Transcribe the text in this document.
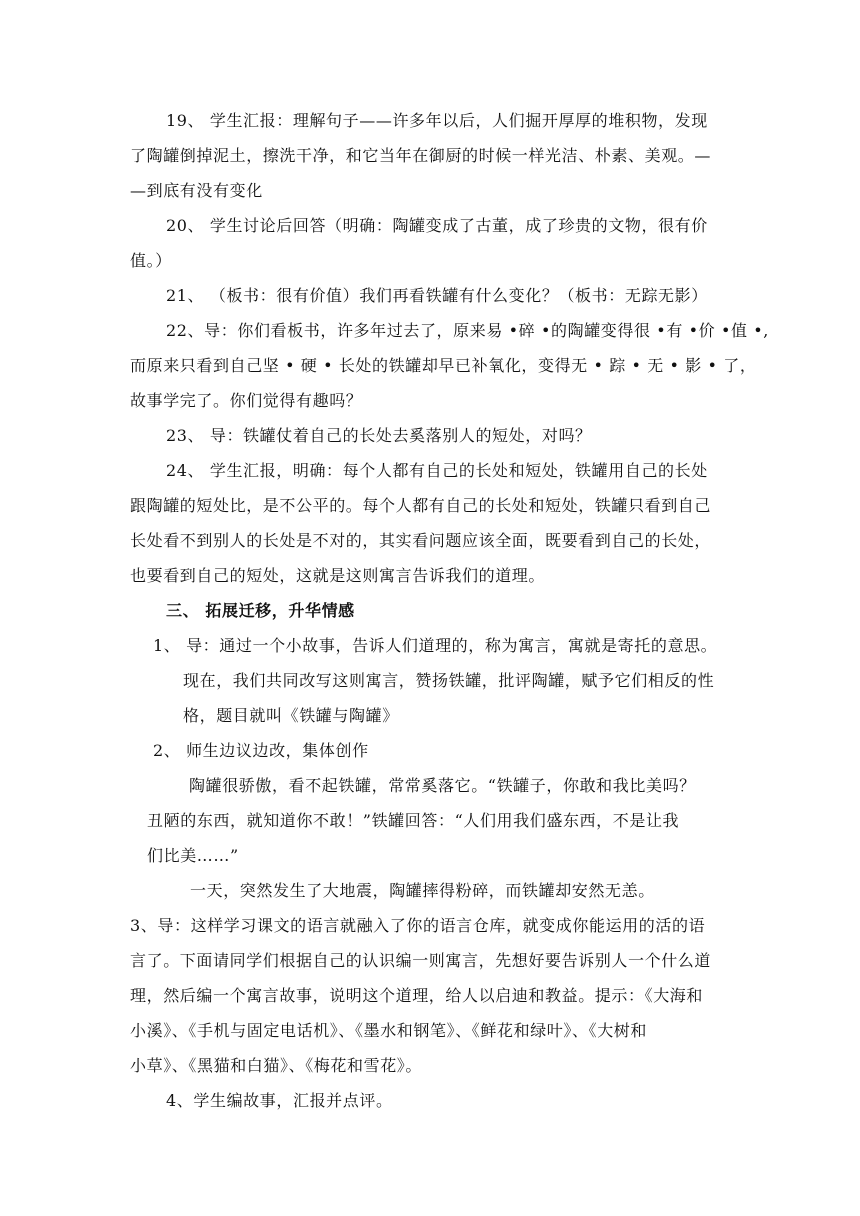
19、 学生汇报：理解句子——许多年以后，人们掘开厚厚的堆积物，发现
了陶罐倒掉泥土，擦洗干净，和它当年在御厨的时候一样光洁、朴素、美观。—
—到底有没有变化
20、 学生讨论后回答（明确：陶罐变成了古董，成了珍贵的文物，很有价
值。）
21、 （板书：很有价值）我们再看铁罐有什么变化？（板书：无踪无影）
22、导：你们看板书，许多年过去了，原来易 •碎 •的陶罐变得很 •有 •价 •值 •,
而原来只看到自己坚 • 硬 • 长处的铁罐却早已补氧化，变得无 • 踪 • 无 • 影 • 了，
故事学完了。你们觉得有趣吗？
23、 导：铁罐仗着自己的长处去奚落别人的短处，对吗？
24、 学生汇报，明确：每个人都有自己的长处和短处，铁罐用自己的长处
跟陶罐的短处比，是不公平的。每个人都有自己的长处和短处，铁罐只看到自己
长处看不到别人的长处是不对的，其实看问题应该全面，既要看到自己的长处，
也要看到自己的短处，这就是这则寓言告诉我们的道理。
三、 拓展迁移，升华情感
1、 导：通过一个小故事，告诉人们道理的，称为寓言，寓就是寄托的意思。
现在，我们共同改写这则寓言，赞扬铁罐，批评陶罐，赋予它们相反的性
格，题目就叫《铁罐与陶罐》
2、 师生边议边改，集体创作
陶罐很骄傲，看不起铁罐，常常奚落它。“铁罐子，你敢和我比美吗？
丑陋的东西，就知道你不敢！”铁罐回答：“人们用我们盛东西，不是让我
们比美……”
一天，突然发生了大地震，陶罐摔得粉碎，而铁罐却安然无恙。
3、导：这样学习课文的语言就融入了你的语言仓库，就变成你能运用的活的语
言了。下面请同学们根据自己的认识编一则寓言，先想好要告诉别人一个什么道
理，然后编一个寓言故事，说明这个道理，给人以启迪和教益。提示：《大海和
小溪》、《手机与固定电话机》、《墨水和钢笔》、《鲜花和绿叶》、《大树和
小草》、《黑猫和白猫》、《梅花和雪花》。
4、学生编故事，汇报并点评。
